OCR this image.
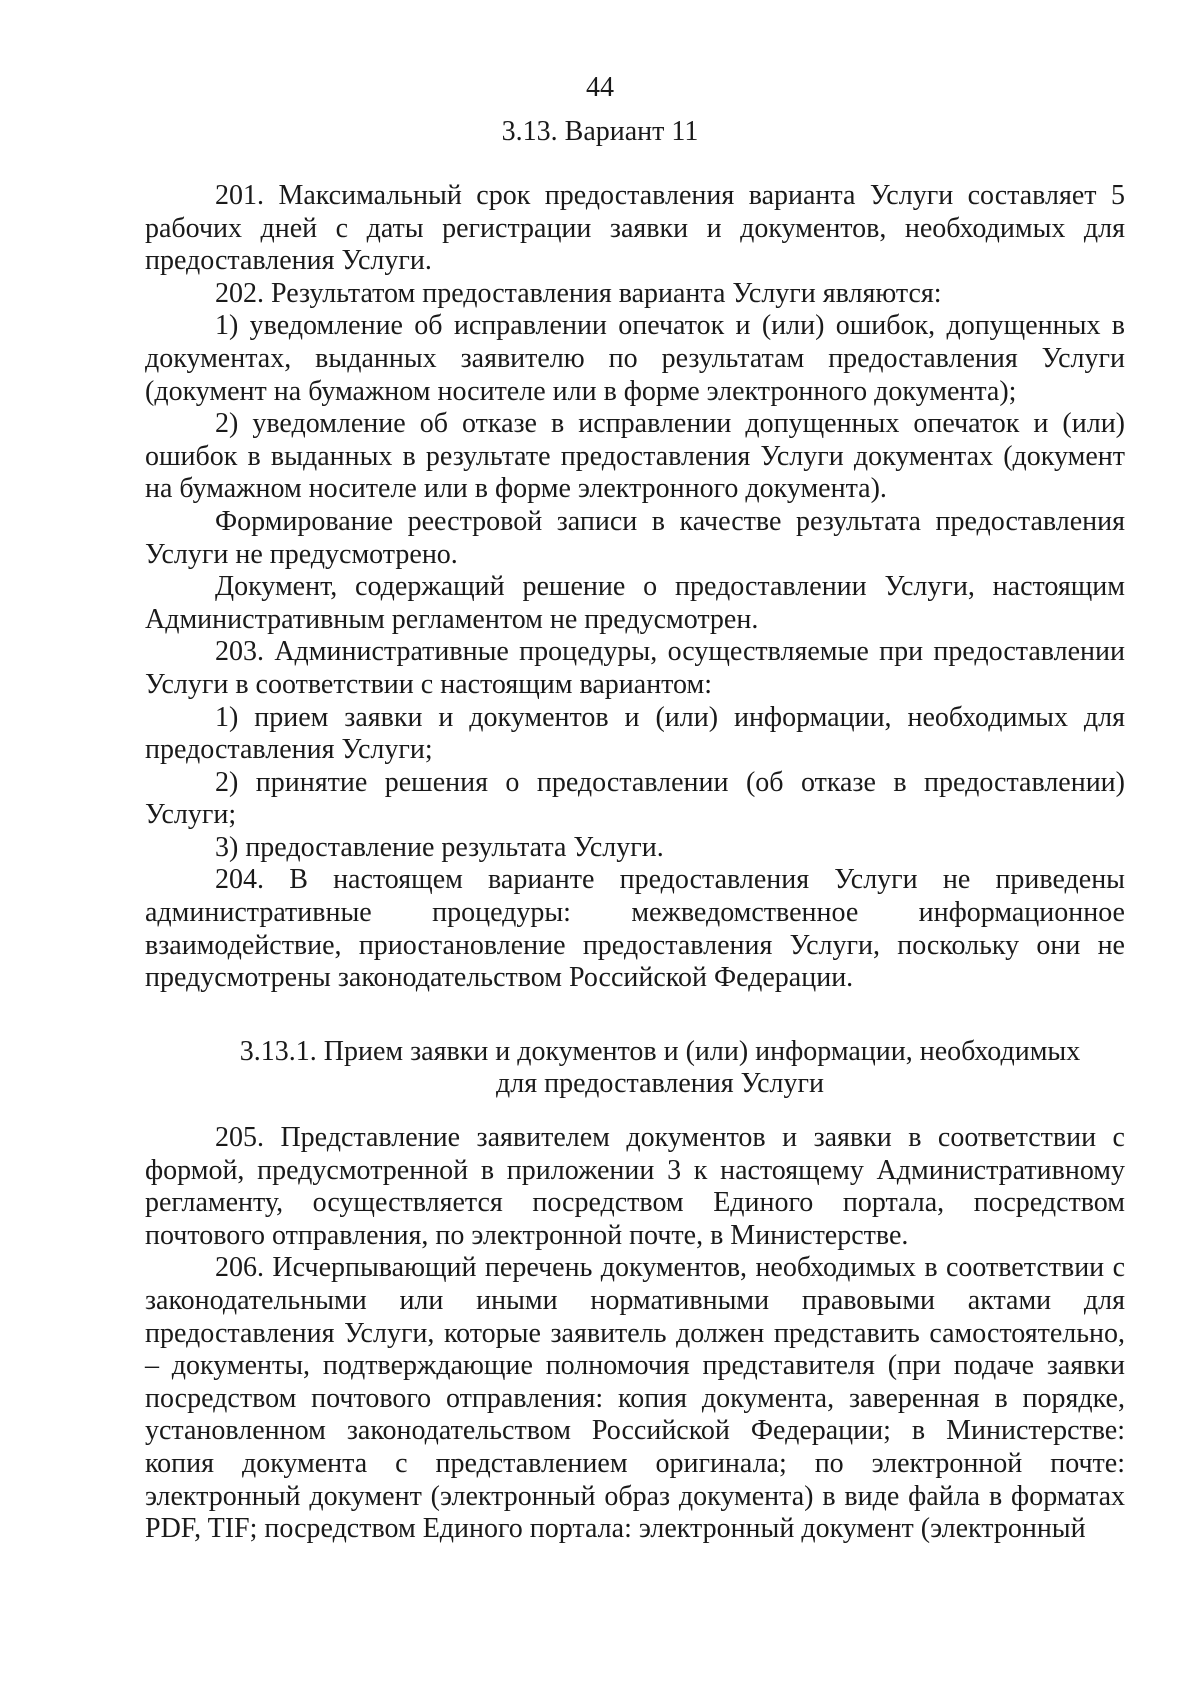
44
3.13. Вариант 11

201. Максимальный срок предоставления варианта Услуги составляет 5 рабочих дней с даты регистрации заявки и документов, необходимых для предоставления Услуги.

202. Результатом предоставления варианта Услуги являются:

1) уведомление об исправлении опечаток и (или) ошибок, допущенных в документах, выданных заявителю по результатам предоставления Услуги (документ на бумажном носителе или в форме электронного документа);

2) уведомление об отказе в исправлении допущенных опечаток и (или) ошибок в выданных в результате предоставления Услуги документах (документ на бумажном носителе или в форме электронного документа).

Формирование реестровой записи в качестве результата предоставления Услуги не предусмотрено.

Документ, содержащий решение о предоставлении Услуги, настоящим Административным регламентом не предусмотрен.

203. Административные процедуры, осуществляемые при предоставлении Услуги в соответствии с настоящим вариантом:

1) прием заявки и документов и (или) информации, необходимых для предоставления Услуги;

2) принятие решения о предоставлении (об отказе в предоставлении) Услуги;

3) предоставление результата Услуги.

204. В настоящем варианте предоставления Услуги не приведены административные процедуры: межведомственное информационное взаимодействие, приостановление предоставления Услуги, поскольку они не предусмотрены законодательством Российской Федерации.

3.13.1. Прием заявки и документов и (или) информации, необходимых для предоставления Услуги

205. Представление заявителем документов и заявки в соответствии с формой, предусмотренной в приложении 3 к настоящему Административному регламенту, осуществляется посредством Единого портала, посредством почтового отправления, по электронной почте, в Министерстве.

206. Исчерпывающий перечень документов, необходимых в соответствии с законодательными или иными нормативными правовыми актами для предоставления Услуги, которые заявитель должен представить самостоятельно, – документы, подтверждающие полномочия представителя (при подаче заявки посредством почтового отправления: копия документа, заверенная в порядке, установленном законодательством Российской Федерации; в Министерстве: копия документа с представлением оригинала; по электронной почте: электронный документ (электронный образ документа) в виде файла в форматах PDF, TIF; посредством Единого портала: электронный документ (электронный
